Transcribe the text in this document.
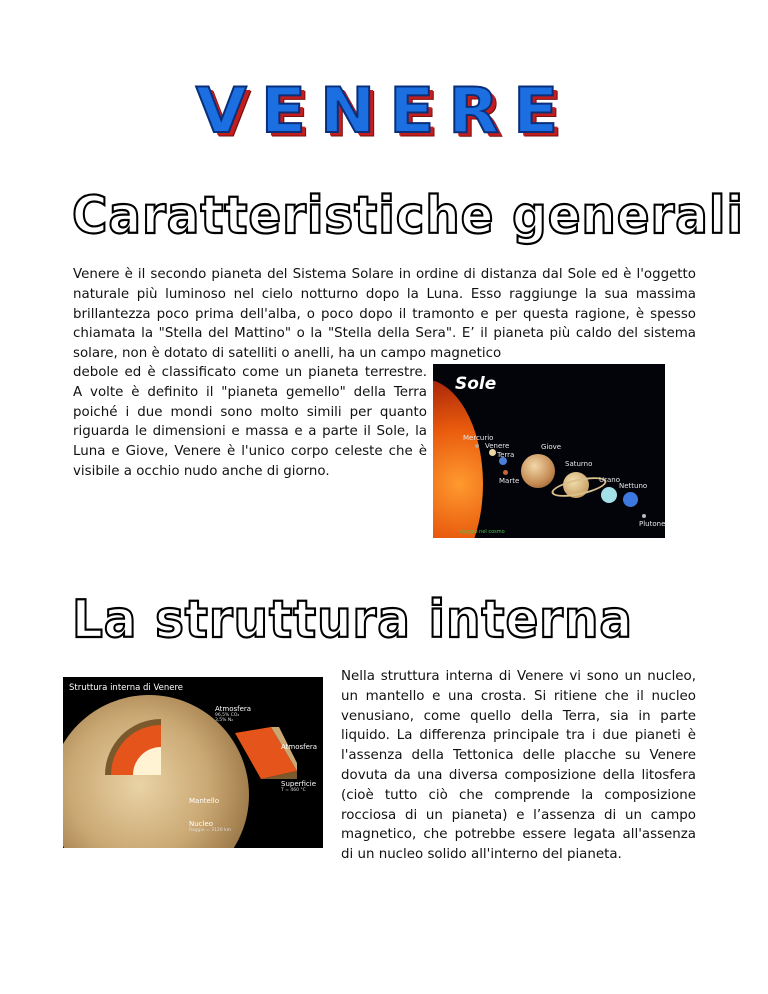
VENERE
Caratteristiche generali

Venere è il secondo pianeta del Sistema Solare in ordine di distanza dal Sole ed è l'oggetto naturale più luminoso nel cielo notturno dopo la Luna. Esso raggiunge la sua massima brillantezza poco prima dell'alba, o poco dopo il tramonto e per questa ragione, è spesso chiamata la "Stella del Mattino" o la "Stella della Sera". E’ il pianeta più caldo del sistema solare, non è dotato di satelliti o anelli, ha un campo magnetico

debole ed è classificato come un pianeta terrestre. A volte è definito il "pianeta gemello" della Terra poiché i due mondi sono molto simili per quanto riguarda le dimensioni e massa e a parte il Sole, la Luna e Giove, Venere è l'unico corpo celeste che è visibile a occhio nudo anche di giorno.

Sole
Mercurio
Venere
Terra
Marte
Giove
Saturno
Urano
Nettuno
Plutone
Viaggio nel cosmo
La struttura interna
Struttura interna di Venere
Atmosfera
96,5% CO₂
3,5% N₂
Atmosfera
Superficie
T = 460 °C
Mantello
Nucleo
Raggio = 3120 km

Nella struttura interna di Venere vi sono un nucleo, un mantello e una crosta. Si ritiene che il nucleo venusiano, come quello della Terra, sia in parte liquido. La differenza principale tra i due pianeti è l'assenza della Tettonica delle placche su Venere dovuta da una diversa composizione della litosfera (cioè tutto ciò che comprende la composizione rocciosa di un pianeta) e l’assenza di un campo magnetico, che potrebbe essere legata all'assenza di un nucleo solido all'interno del pianeta.
